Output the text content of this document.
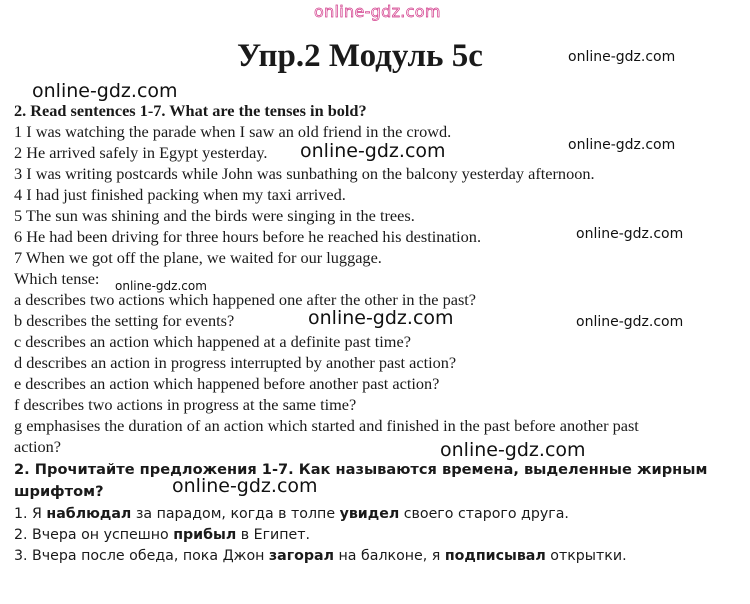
online-gdz.com
online-gdz.com
online-gdz.com
online-gdz.com	online-gdz.com
online-gdz.com
online-gdz.com
online-gdz.com	online-gdz.com
online-gdz.com
online-gdz.com
Упр.2 Модуль 5с
2. Read sentences 1-7. What are the tenses in bold?
1 I was watching the parade when I saw an old friend in the crowd.
2 He arrived safely in Egypt yesterday.
3 I was writing postcards while John was sunbathing on the balcony yesterday afternoon.
4 I had just finished packing when my taxi arrived.
5 The sun was shining and the birds were singing in the trees.
6 He had been driving for three hours before he reached his destination.
7 When we got off the plane, we waited for our luggage.
Which tense:
a describes two actions which happened one after the other in the past?
b describes the setting for events?
c describes an action which happened at a definite past time?
d describes an action in progress interrupted by another past action?
e describes an action which happened before another past action?
f describes two actions in progress at the same time?
g emphasises the duration of an action which started and finished in the past before another past
action?
2. Прочитайте предложения 1-7. Как называются времена, выделенные жирным
шрифтом?
1. Я наблюдал за парадом, когда в толпе увидел своего старого друга.
2. Вчера он успешно прибыл в Египет.
3. Вчера после обеда, пока Джон загорал на балконе, я подписывал открытки.
